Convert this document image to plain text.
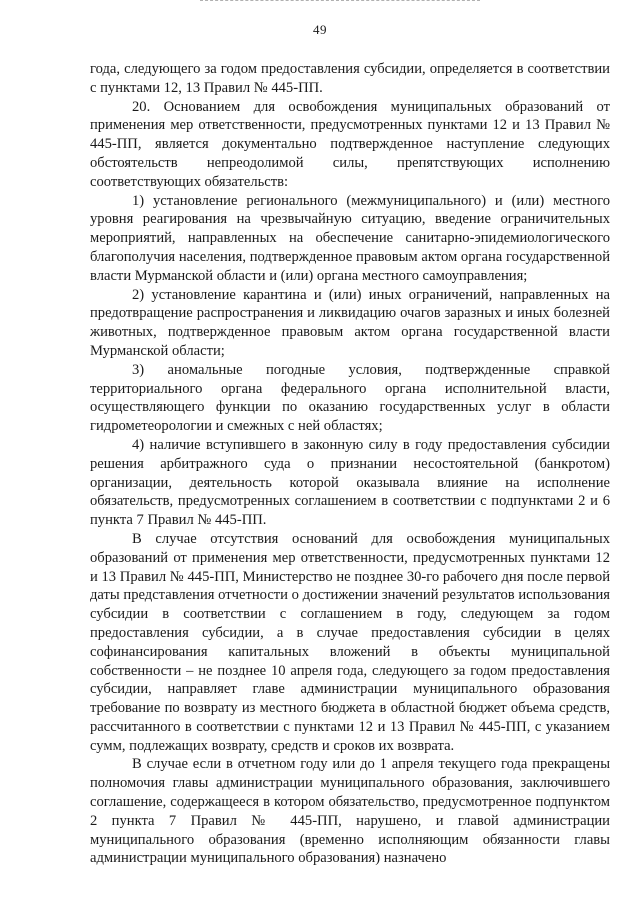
49

года, следующего за годом предоставления субсидии, определяется в соответствии с пунктами 12, 13 Правил № 445-ПП.

20. Основанием для освобождения муниципальных образований от применения мер ответственности, предусмотренных пунктами 12 и 13 Правил № 445-ПП, является документально подтвержденное наступление следующих обстоятельств непреодолимой силы, препятствующих исполнению соответствующих обязательств:

1) установление регионального (межмуниципального) и (или) местного уровня реагирования на чрезвычайную ситуацию, введение ограничительных мероприятий, направленных на обеспечение санитарно-эпидемиологического благополучия населения, подтвержденное правовым актом органа государственной власти Мурманской области и (или) органа местного самоуправления;

2) установление карантина и (или) иных ограничений, направленных на предотвращение распространения и ликвидацию очагов заразных и иных болезней животных, подтвержденное правовым актом органа государственной власти Мурманской области;

3) аномальные погодные условия, подтвержденные справкой территориального органа федерального органа исполнительной власти, осуществляющего функции по оказанию государственных услуг в области гидрометеорологии и смежных с ней областях;

4) наличие вступившего в законную силу в году предоставления субсидии решения арбитражного суда о признании несостоятельной (банкротом) организации, деятельность которой оказывала влияние на исполнение обязательств, предусмотренных соглашением в соответствии с подпунктами 2 и 6 пункта 7 Правил № 445-ПП.

В случае отсутствия оснований для освобождения муниципальных образований от применения мер ответственности, предусмотренных пунктами 12 и 13 Правил № 445-ПП, Министерство не позднее 30-го рабочего дня после первой даты представления отчетности о достижении значений результатов использования субсидии в соответствии с соглашением в году, следующем за годом предоставления субсидии, а в случае предоставления субсидии в целях софинансирования капитальных вложений в объекты муниципальной собственности – не позднее 10 апреля года, следующего за годом предоставления субсидии, направляет главе администрации муниципального образования требование по возврату из местного бюджета в областной бюджет объема средств, рассчитанного в соответствии с пунктами 12 и 13 Правил № 445-ПП, с указанием сумм, подлежащих возврату, средств и сроков их возврата.

В случае если в отчетном году или до 1 апреля текущего года прекращены полномочия главы администрации муниципального образования, заключившего соглашение, содержащееся в котором обязательство, предусмотренное подпунктом 2 пункта 7 Правил № 445-ПП, нарушено, и главой администрации муниципального образования (временно исполняющим обязанности главы администрации муниципального образования) назначено
